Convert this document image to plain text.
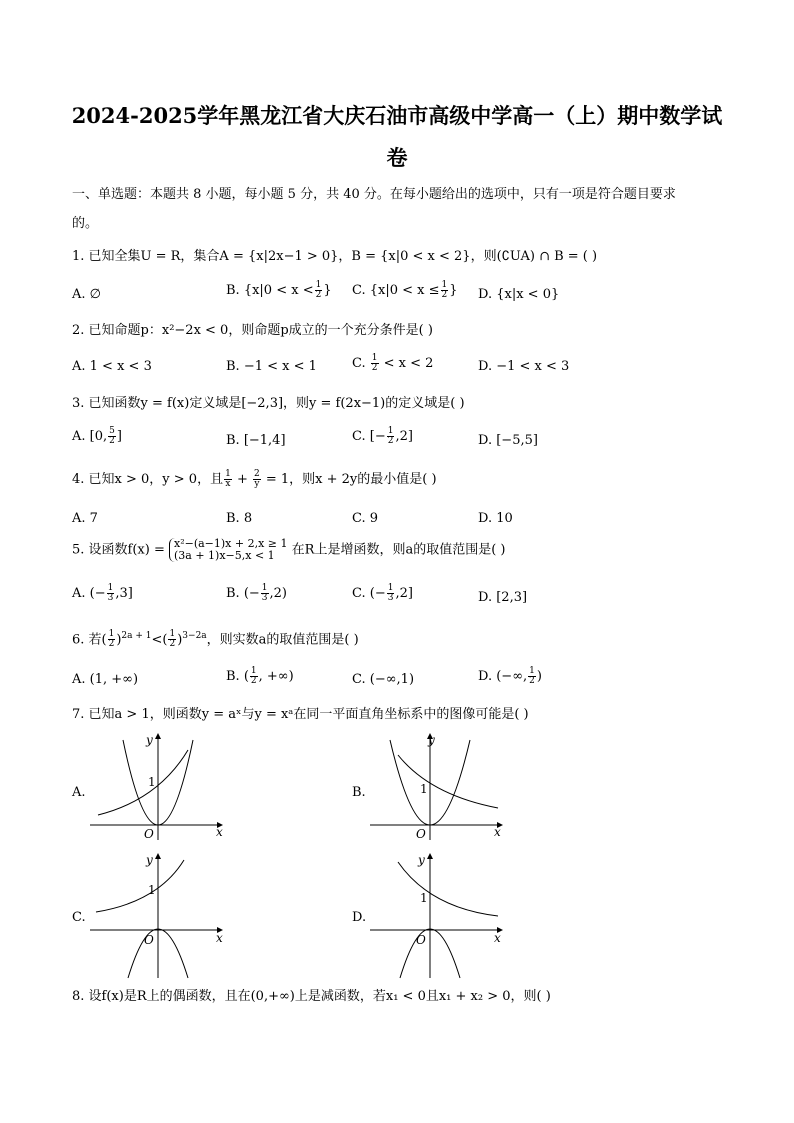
2024-2025学年黑龙江省大庆石油市高级中学高一（上）期中数学试
卷
一、单选题：本题共 8 小题，每小题 5 分，共 40 分。在每小题给出的选项中，只有一项是符合题目要求
的。
1. 已知全集U = R，集合A = {x|2x−1 > 0}，B = {x|0 < x < 2}，则(∁UA) ∩ B = ( )
A. ∅	B. {$x|0 < x < \frac{1}{2}$ } C. {$x|0 < x \le \frac{1}{2}$ } D. {x|x < 0}
2. 已知命题p：x²−2x < 0，则命题p成立的一个充分条件是( )
A. 1 < x < 3	B. −1 < x < 1	C. $\frac{1}{2} < x < 2$	D. −1 < x < 3
3. 已知函数y = f(x)定义域是[−2,3]，则y = f(2x−1)的定义域是( )
A. [0, $\frac{5}{2}$ ]	B. [−1,4]	C. [− $\frac{1}{2} ,2$]	D. [−5,5]
4. 已知x > 0，y > 0，且 $\frac{1}{x} + \frac{2}{y} = 1$，则x + 2y的最小值是( )
A. 7	B. 8	C. 9	D. 10
5. 设函数f(x) = x²−(a−1)x + 2,x ≥ 1
(3a + 1)x−5,x < 1	在R上是增函数，则a的取值范围是( )
A. (− $\frac{1}{3} ,3$]	B. (− $\frac{1}{3} ,2$)	C. (− $\frac{1}{3} ,2$]	D. [2,3]
6. 若( $\frac{1}{2} )^{2a + 1}<( \frac{1}{2} )^{3-2a}$，则实数a的取值范围是( )
A. (1, +∞)	B. ( $\frac{1}{2}$ , +∞)	C. (−∞,1)	D. (−∞, $\frac{1}{2}$ )
7. 已知a > 1，则函数y = aˣ与y = xᵃ在同一平面直角坐标系中的图像可能是( )
A.	B.
C.	D.
x
y
O
1
x
y
O
1
x
y
O
1
x
y
O
1
8. 设f(x)是R上的偶函数，且在(0,+∞)上是减函数，若x₁ < 0且x₁ + x₂ > 0，则( )
